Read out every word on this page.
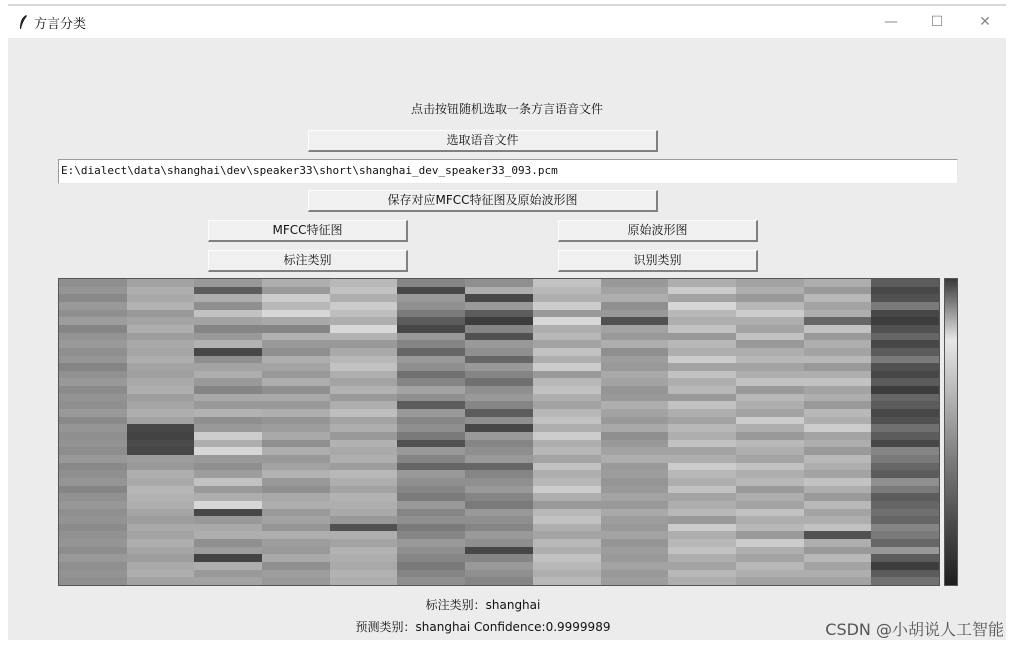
方言分类	—	☐	✕
点击按钮随机选取一条方言语音文件
选取语音文件
E:\dialect\data\shanghai\dev\speaker33\short\shanghai_dev_speaker33_093.pcm
保存对应MFCC特征图及原始波形图
MFCC特征图	原始波形图
标注类别	识别类别
标注类别：shanghai
预测类别：shanghai Confidence:0.9999989	CSDN @小胡说人工智能
